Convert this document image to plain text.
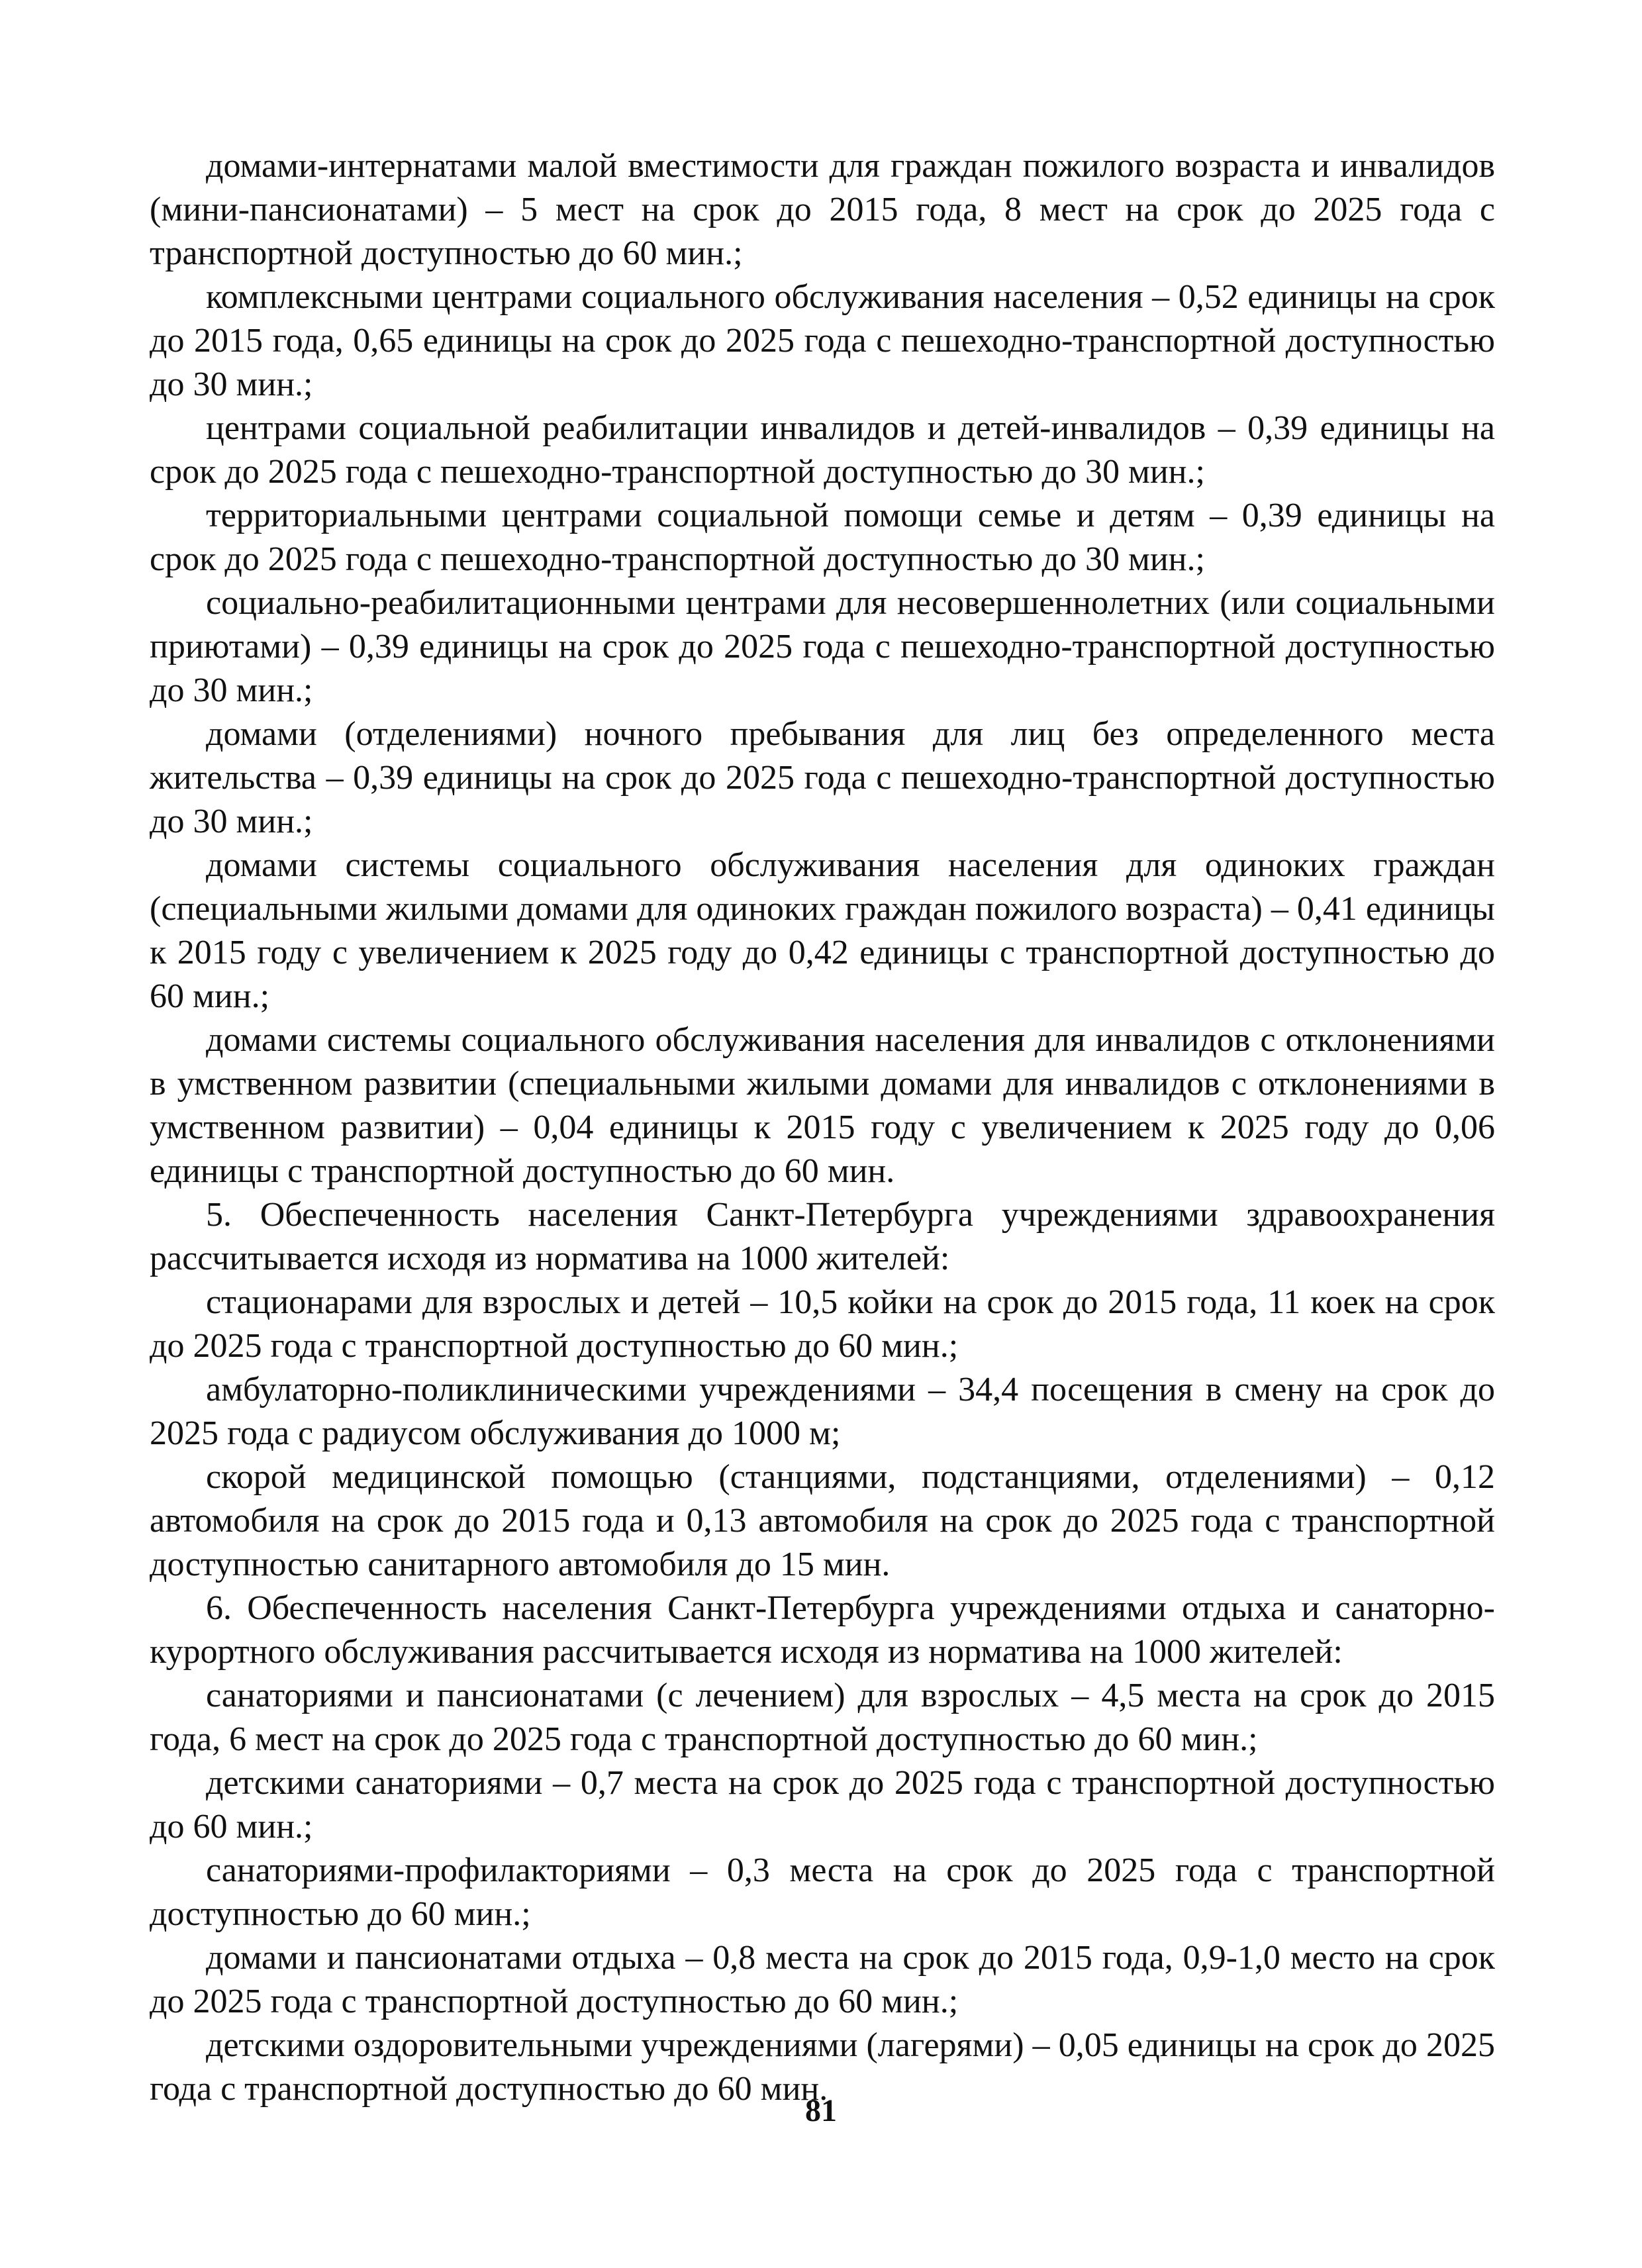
домами-интернатами малой вместимости для граждан пожилого возраста и инвалидов (мини-пансионатами) – 5 мест на срок до 2015 года, 8 мест на срок до 2025 года с транспортной доступностью до 60 мин.;

комплексными центрами социального обслуживания населения – 0,52 единицы на срок до 2015 года, 0,65 единицы на срок до 2025 года с пешеходно-транспортной доступностью до 30 мин.;

центрами социальной реабилитации инвалидов и детей-инвалидов – 0,39 единицы на срок до 2025 года с пешеходно-транспортной доступностью до 30 мин.;

территориальными центрами социальной помощи семье и детям – 0,39 единицы на срок до 2025 года с пешеходно-транспортной доступностью до 30 мин.;

социально-реабилитационными центрами для несовершеннолетних (или социальными приютами) – 0,39 единицы на срок до 2025 года с пешеходно-транспортной доступностью до 30 мин.;

домами (отделениями) ночного пребывания для лиц без определенного места жительства – 0,39 единицы на срок до 2025 года с пешеходно-транспортной доступностью до 30 мин.;

домами системы социального обслуживания населения для одиноких граждан (специальными жилыми домами для одиноких граждан пожилого возраста) – 0,41 единицы к 2015 году с увеличением к 2025 году до 0,42 единицы с транспортной доступностью до 60 мин.;

домами системы социального обслуживания населения для инвалидов с отклонениями в умственном развитии (специальными жилыми домами для инвалидов с отклонениями в умственном развитии) – 0,04 единицы к 2015 году с увеличением к 2025 году до 0,06 единицы с транспортной доступностью до 60 мин.

5. Обеспеченность населения Санкт-Петербурга учреждениями здравоохранения рассчитывается исходя из норматива на 1000 жителей:

стационарами для взрослых и детей – 10,5 койки на срок до 2015 года, 11 коек на срок до 2025 года с транспортной доступностью до 60 мин.;

амбулаторно-поликлиническими учреждениями – 34,4 посещения в смену на срок до 2025 года с радиусом обслуживания до 1000 м;

скорой медицинской помощью (станциями, подстанциями, отделениями) – 0,12 автомобиля на срок до 2015 года и 0,13 автомобиля на срок до 2025 года с транспортной доступностью санитарного автомобиля до 15 мин.

6. Обеспеченность населения Санкт-Петербурга учреждениями отдыха и санаторно-курортного обслуживания рассчитывается исходя из норматива на 1000 жителей:

санаториями и пансионатами (с лечением) для взрослых – 4,5 места на срок до 2015 года, 6 мест на срок до 2025 года с транспортной доступностью до 60 мин.;

детскими санаториями – 0,7 места на срок до 2025 года с транспортной доступностью до 60 мин.;

санаториями-профилакториями – 0,3 места на срок до 2025 года с транспортной доступностью до 60 мин.;

домами и пансионатами отдыха – 0,8 места на срок до 2015 года, 0,9-1,0 место на срок до 2025 года с транспортной доступностью до 60 мин.;

детскими оздоровительными учреждениями (лагерями) – 0,05 единицы на срок до 2025 года с транспортной доступностью до 60 мин.

81
